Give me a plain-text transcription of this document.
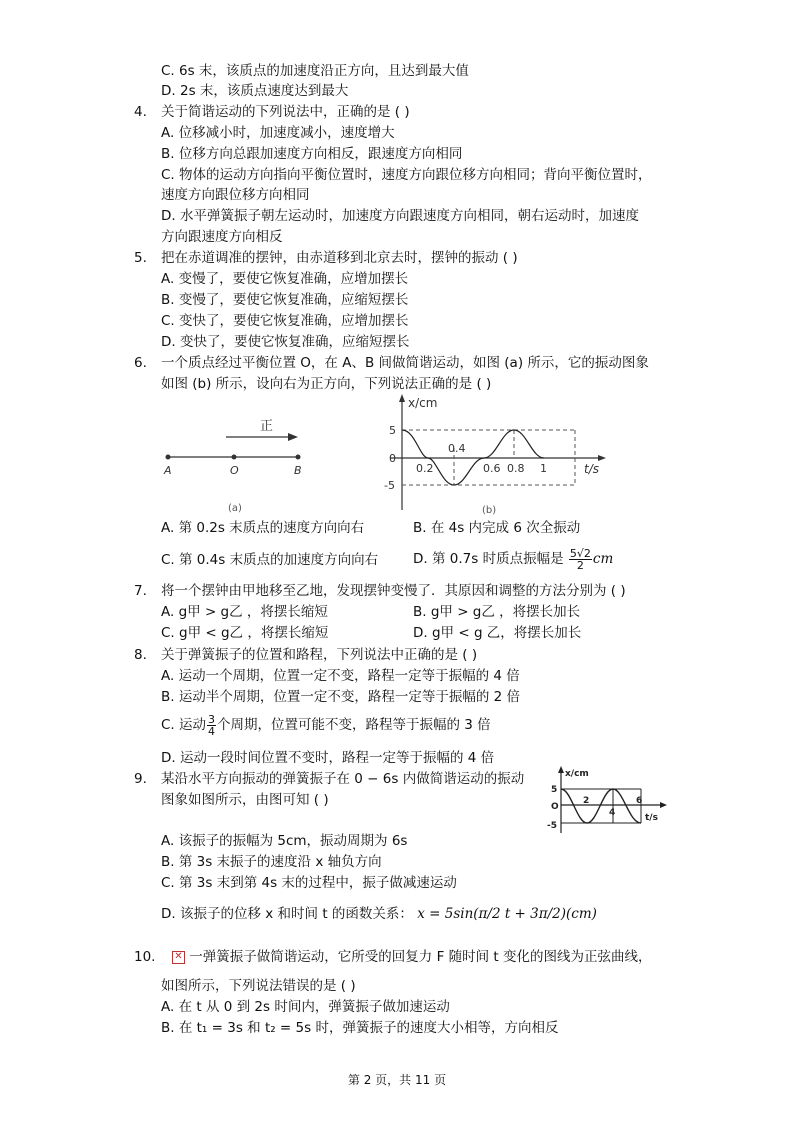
C. 6s 末，该质点的加速度沿正方向，且达到最大值
D. 2s 末，该质点速度达到最大
4. 关于简谐运动的下列说法中，正确的是 ( )
A. 位移减小时，加速度减小，速度增大
B. 位移方向总跟加速度方向相反，跟速度方向相同
C. 物体的运动方向指向平衡位置时，速度方向跟位移方向相同；背向平衡位置时，
速度方向跟位移方向相同
D. 水平弹簧振子朝左运动时，加速度方向跟速度方向相同，朝右运动时，加速度
方向跟速度方向相反
5. 把在赤道调准的摆钟，由赤道移到北京去时，摆钟的振动 ( )
A. 变慢了，要使它恢复准确，应增加摆长
B. 变慢了，要使它恢复准确，应缩短摆长
C. 变快了，要使它恢复准确，应增加摆长
D. 变快了，要使它恢复准确，应缩短摆长
6. 一个质点经过平衡位置 O，在 A、B 间做简谐运动，如图 (a) 所示，它的振动图象
如图 (b) 所示，设向右为正方向，下列说法正确的是 ( )
正
A	O	B
(a)
x/cm
t/s
5
0
-5
0.2
0.4
0.6 0.8 1
(b)
A. 第 0.2s 末质点的速度方向向右	B. 在 4s 内完成 6 次全振动
C. 第 0.4s 末质点的加速度方向向右	D. 第 0.7s 时质点振幅是 $\frac{5√2}{2}$ cm
7. 将一个摆钟由甲地移至乙地，发现摆钟变慢了．其原因和调整的方法分别为 ( )
A. g甲 > g乙 ，将摆长缩短	B. g甲 > g乙 ，将摆长加长
C. g甲 < g乙 ，将摆长缩短	D. g甲 < g 乙，将摆长加长
8. 关于弹簧振子的位置和路程，下列说法中正确的是 ( )
A. 运动一个周期，位置一定不变，路程一定等于振幅的 4 倍
B. 运动半个周期，位置一定不变，路程一定等于振幅的 2 倍
C. 运动 $\frac{3}{4}$ 个周期，位置可能不变，路程等于振幅的 3 倍
D. 运动一段时间位置不变时，路程一定等于振幅的 4 倍
9. 某沿水平方向振动的弹簧振子在 0 − 6s 内做简谐运动的振动
图象如图所示，由图可知 ( )
x/cm
t/s
5
O
-5
2
4
6
A. 该振子的振幅为 5cm，振动周期为 6s
B. 第 3s 末振子的速度沿 x 轴负方向
C. 第 3s 末到第 4s 末的过程中，振子做减速运动
D. 该振子的位移 x 和时间 t 的函数关系： x = 5sin(π/2 t + 3π/2)(cm)
10. ✕ 一弹簧振子做简谐运动，它所受的回复力 F 随时间 t 变化的图线为正弦曲线，
如图所示，下列说法错误的是 ( )
A. 在 t 从 0 到 2s 时间内，弹簧振子做加速运动
B. 在 t₁ = 3s 和 t₂ = 5s 时，弹簧振子的速度大小相等，方向相反
第 2 页，共 11 页
